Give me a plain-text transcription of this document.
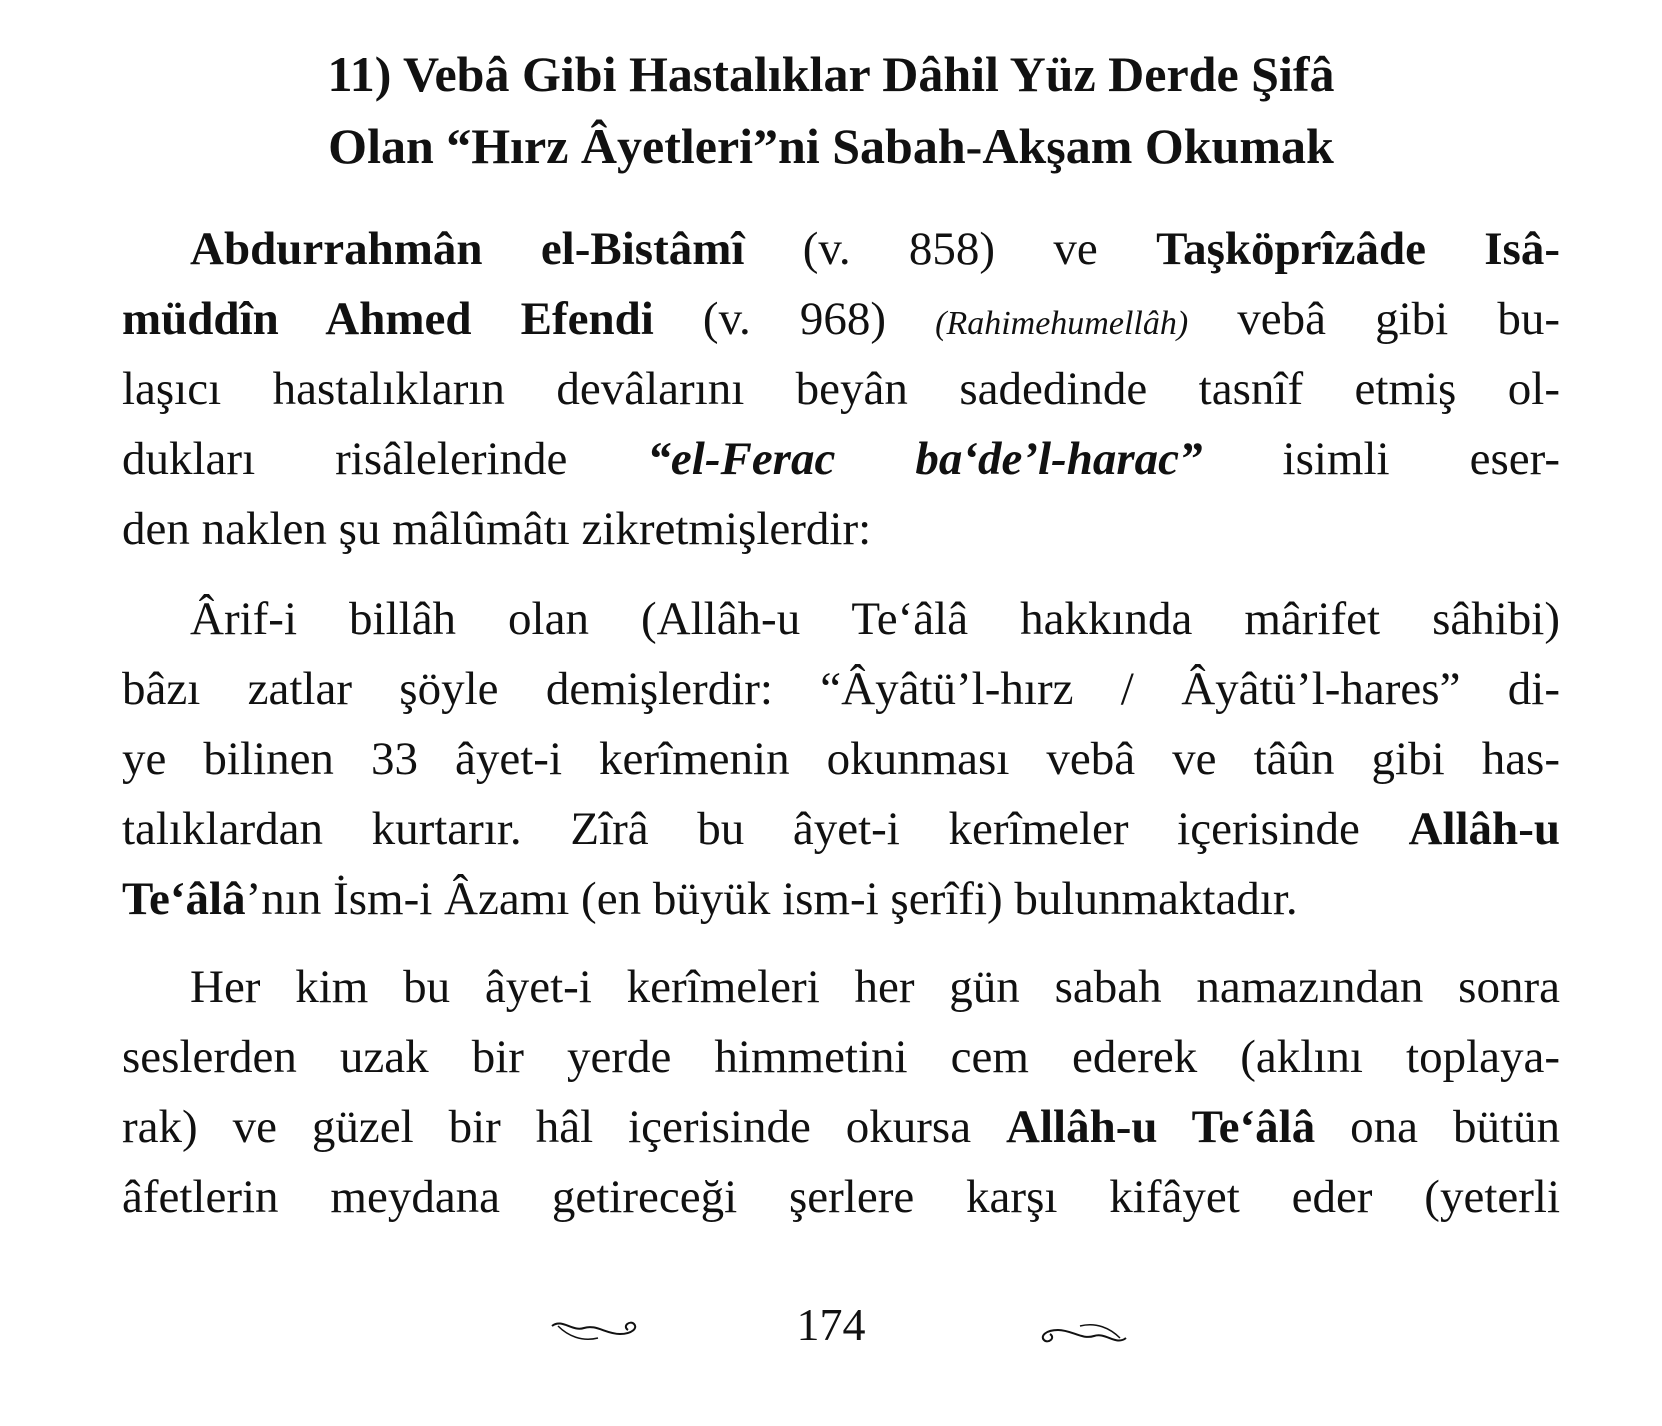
11) Vebâ Gibi Hastalıklar Dâhil Yüz Derde Şifâ
Olan “Hırz Âyetleri”ni Sabah-Akşam Okumak
Abdurrahmân el-Bistâmî (v. 858) ve Taşköprîzâde Isâ-
müddîn Ahmed Efendi (v. 968) (Rahimehumellâh) vebâ gibi bu-
laşıcı hastalıkların devâlarını beyân sadedinde tasnîf etmiş ol-
dukları risâlelerinde “el-Ferac ba‘de’l-harac” isimli eser-
den naklen şu mâlûmâtı zikretmişlerdir:
Ârif-i billâh olan (Allâh-u Te‘âlâ hakkında mârifet sâhibi)
bâzı zatlar şöyle demişlerdir: “Âyâtü’l-hırz / Âyâtü’l-hares” di-
ye bilinen 33 âyet-i kerîmenin okunması vebâ ve tâûn gibi has-
talıklardan kurtarır. Zîrâ bu âyet-i kerîmeler içerisinde Allâh-u
Te‘âlâ’nın İsm-i Âzamı (en büyük ism-i şerîfi) bulunmaktadır.
Her kim bu âyet-i kerîmeleri her gün sabah namazından sonra
seslerden uzak bir yerde himmetini cem ederek (aklını toplaya-
rak) ve güzel bir hâl içerisinde okursa Allâh-u Te‘âlâ ona bütün
âfetlerin meydana getireceği şerlere karşı kifâyet eder (yeterli
174
